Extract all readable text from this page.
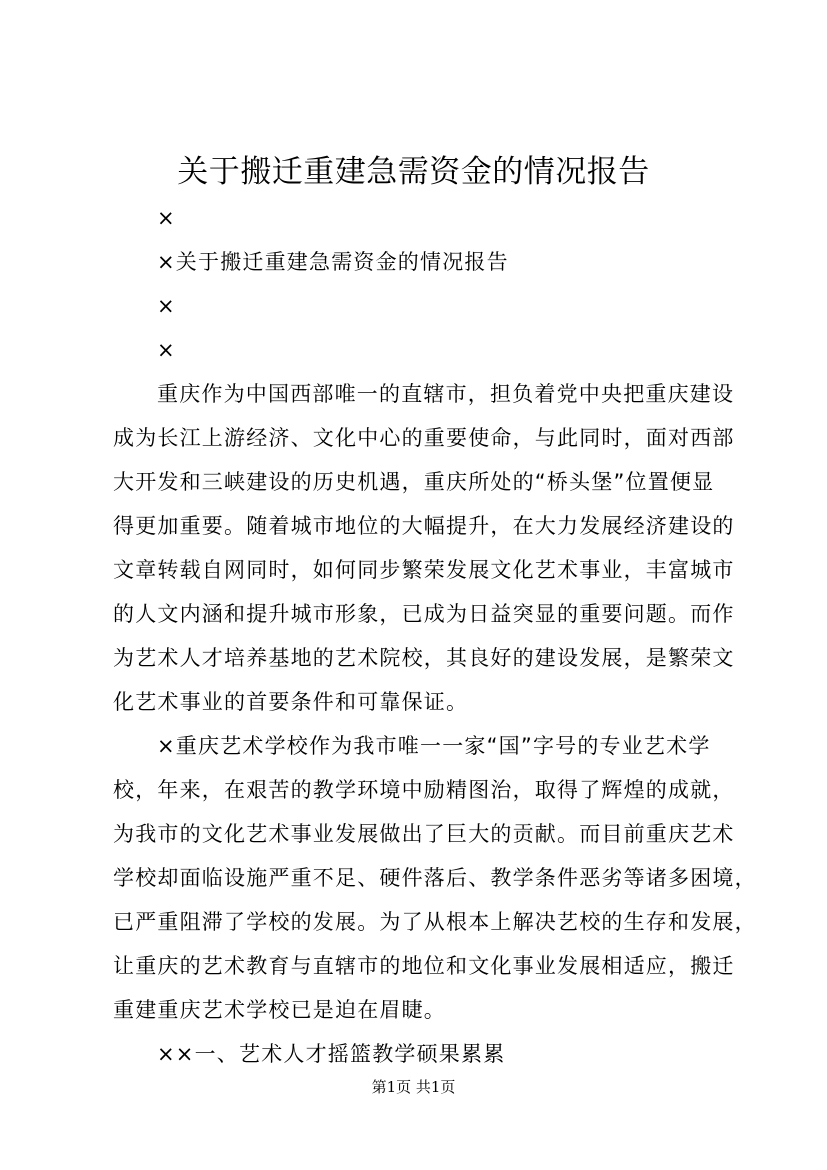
关于搬迁重建急需资金的情况报告
×
×关于搬迁重建急需资金的情况报告
×
×
重庆作为中国西部唯一的直辖市，担负着党中央把重庆建设
成为长江上游经济、文化中心的重要使命，与此同时，面对西部
大开发和三峡建设的历史机遇，重庆所处的“桥头堡”位置便显
得更加重要。随着城市地位的大幅提升，在大力发展经济建设的
文章转载自网同时，如何同步繁荣发展文化艺术事业，丰富城市
的人文内涵和提升城市形象，已成为日益突显的重要问题。而作
为艺术人才培养基地的艺术院校，其良好的建设发展，是繁荣文
化艺术事业的首要条件和可靠保证。
×重庆艺术学校作为我市唯一一家“国”字号的专业艺术学
校，年来，在艰苦的教学环境中励精图治，取得了辉煌的成就，
为我市的文化艺术事业发展做出了巨大的贡献。而目前重庆艺术
学校却面临设施严重不足、硬件落后、教学条件恶劣等诸多困境，
已严重阻滞了学校的发展。为了从根本上解决艺校的生存和发展，
让重庆的艺术教育与直辖市的地位和文化事业发展相适应，搬迁
重建重庆艺术学校已是迫在眉睫。
××一、艺术人才摇篮教学硕果累累
第1页 共1页
